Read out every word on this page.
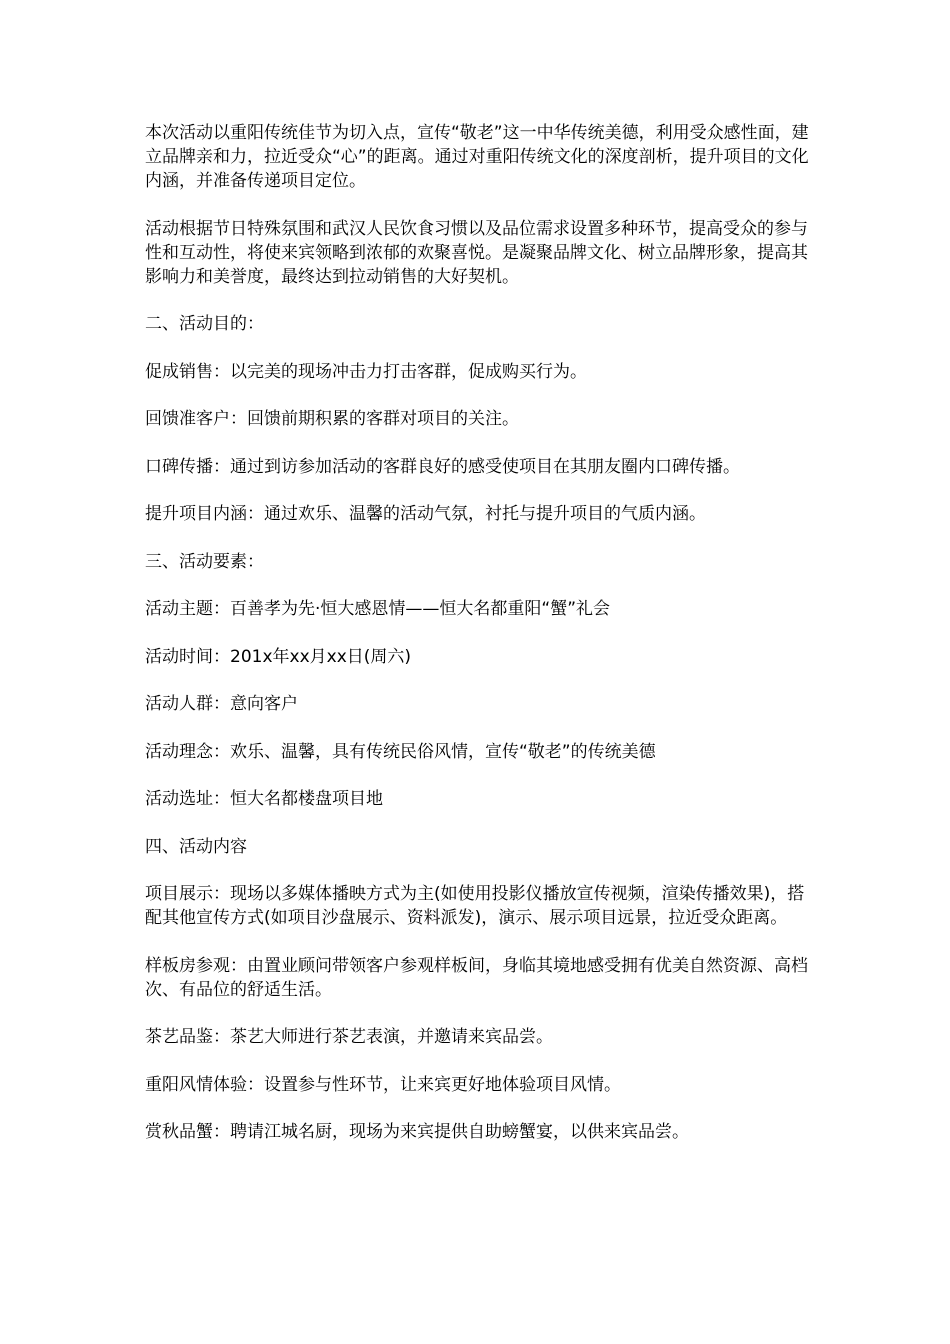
本次活动以重阳传统佳节为切入点，宣传“敬老”这一中华传统美德，利用受众感性面，建立品牌亲和力，拉近受众“心”的距离。通过对重阳传统文化的深度剖析，提升项目的文化内涵，并准备传递项目定位。

活动根据节日特殊氛围和武汉人民饮食习惯以及品位需求设置多种环节，提高受众的参与性和互动性，将使来宾领略到浓郁的欢聚喜悦。是凝聚品牌文化、树立品牌形象，提高其影响力和美誉度，最终达到拉动销售的大好契机。

二、活动目的：

促成销售：以完美的现场冲击力打击客群，促成购买行为。

回馈准客户：回馈前期积累的客群对项目的关注。

口碑传播：通过到访参加活动的客群良好的感受使项目在其朋友圈内口碑传播。

提升项目内涵：通过欢乐、温馨的活动气氛，衬托与提升项目的气质内涵。

三、活动要素：

活动主题：百善孝为先·恒大感恩情——恒大名都重阳“蟹”礼会

活动时间：201x年xx月xx日(周六)

活动人群：意向客户

活动理念：欢乐、温馨，具有传统民俗风情，宣传“敬老”的传统美德

活动选址：恒大名都楼盘项目地

四、活动内容

项目展示：现场以多媒体播映方式为主(如使用投影仪播放宣传视频，渲染传播效果)，搭配其他宣传方式(如项目沙盘展示、资料派发)，演示、展示项目远景，拉近受众距离。

样板房参观：由置业顾问带领客户参观样板间，身临其境地感受拥有优美自然资源、高档次、有品位的舒适生活。

茶艺品鉴：茶艺大师进行茶艺表演，并邀请来宾品尝。

重阳风情体验：设置参与性环节，让来宾更好地体验项目风情。

赏秋品蟹：聘请江城名厨，现场为来宾提供自助螃蟹宴，以供来宾品尝。
